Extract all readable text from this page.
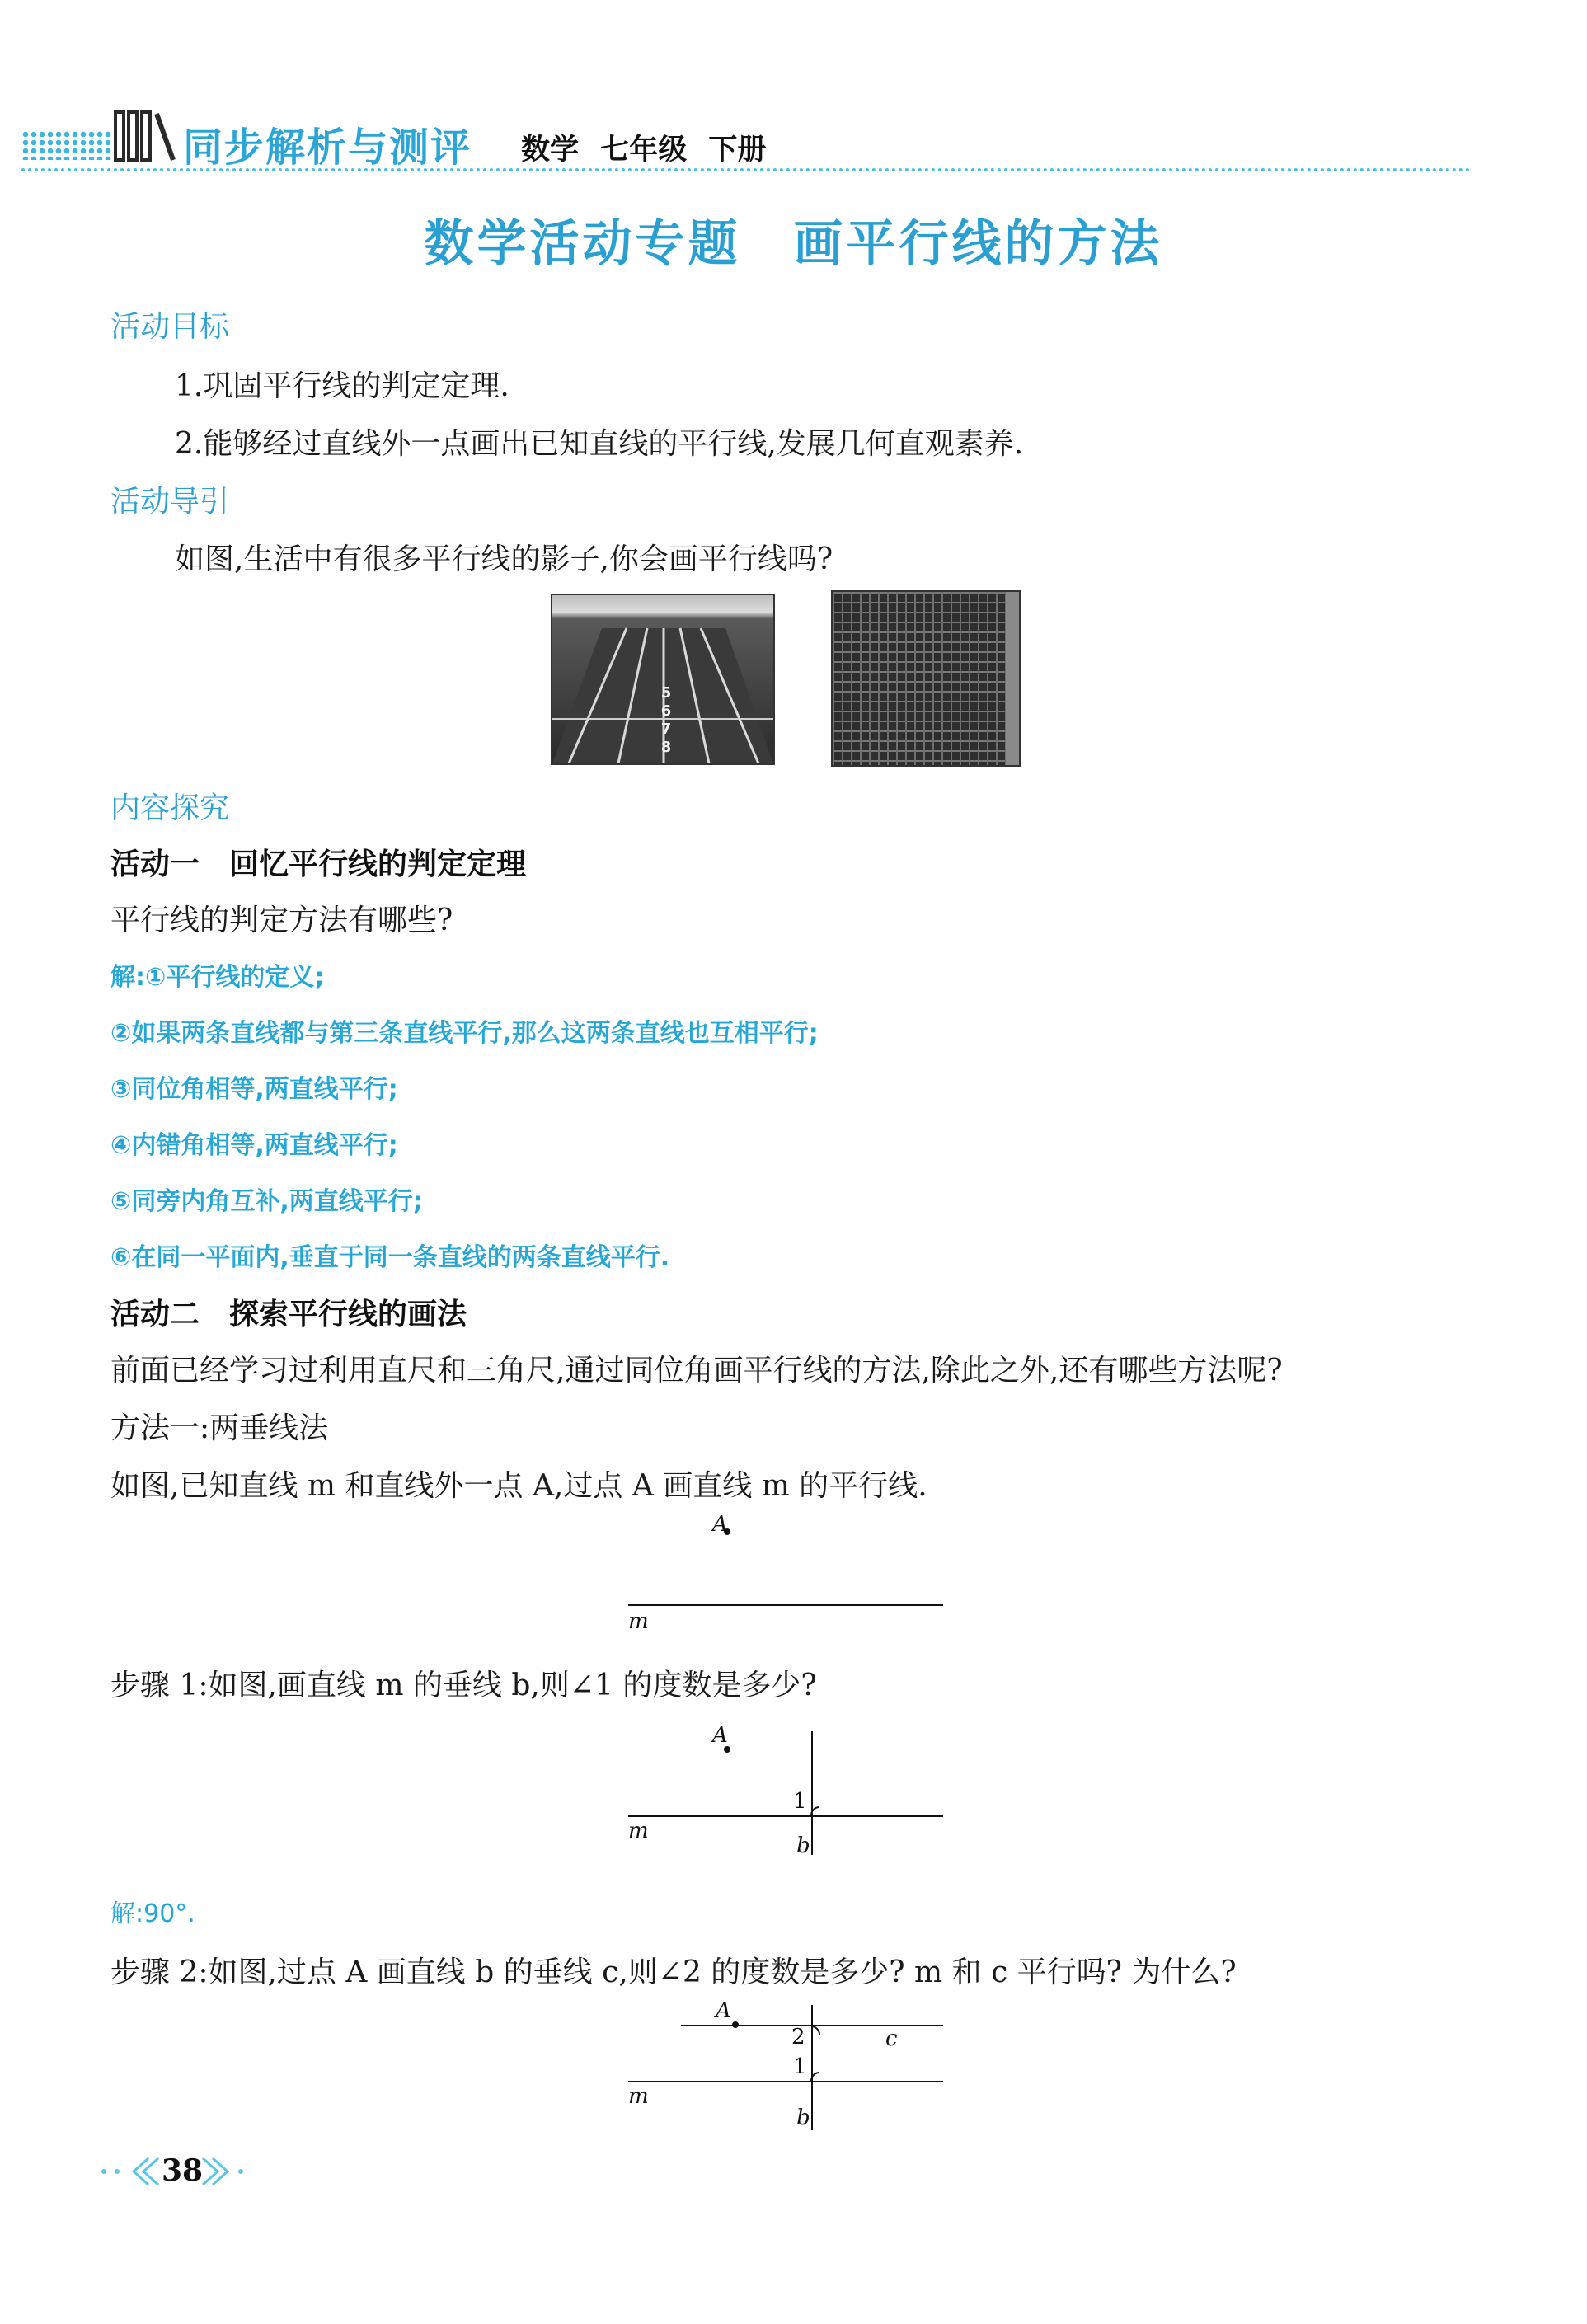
同步解析与测评 数学 七年级 下册
数学活动专题　画平行线的方法
活动目标
1.巩固平行线的判定定理.
2.能够经过直线外一点画出已知直线的平行线,发展几何直观素养.
活动导引
如图,生活中有很多平行线的影子,你会画平行线吗?
5
6
7
8
内容探究
活动一　回忆平行线的判定定理
平行线的判定方法有哪些?
解:①平行线的定义;
②如果两条直线都与第三条直线平行,那么这两条直线也互相平行;
③同位角相等,两直线平行;
④内错角相等,两直线平行;
⑤同旁内角互补,两直线平行;
⑥在同一平面内,垂直于同一条直线的两条直线平行.
活动二　探索平行线的画法
前面已经学习过利用直尺和三角尺,通过同位角画平行线的方法,除此之外,还有哪些方法呢?
方法一:两垂线法
如图,已知直线 m 和直线外一点 A,过点 A 画直线 m 的平行线.
A
m
步骤 1:如图,画直线 m 的垂线 b,则∠1 的度数是多少?
A
1
m
b
解:90°.
步骤 2:如图,过点 A 画直线 b 的垂线 c,则∠2 的度数是多少? m 和 c 平行吗? 为什么?
A
2
1
c
m
b
38
